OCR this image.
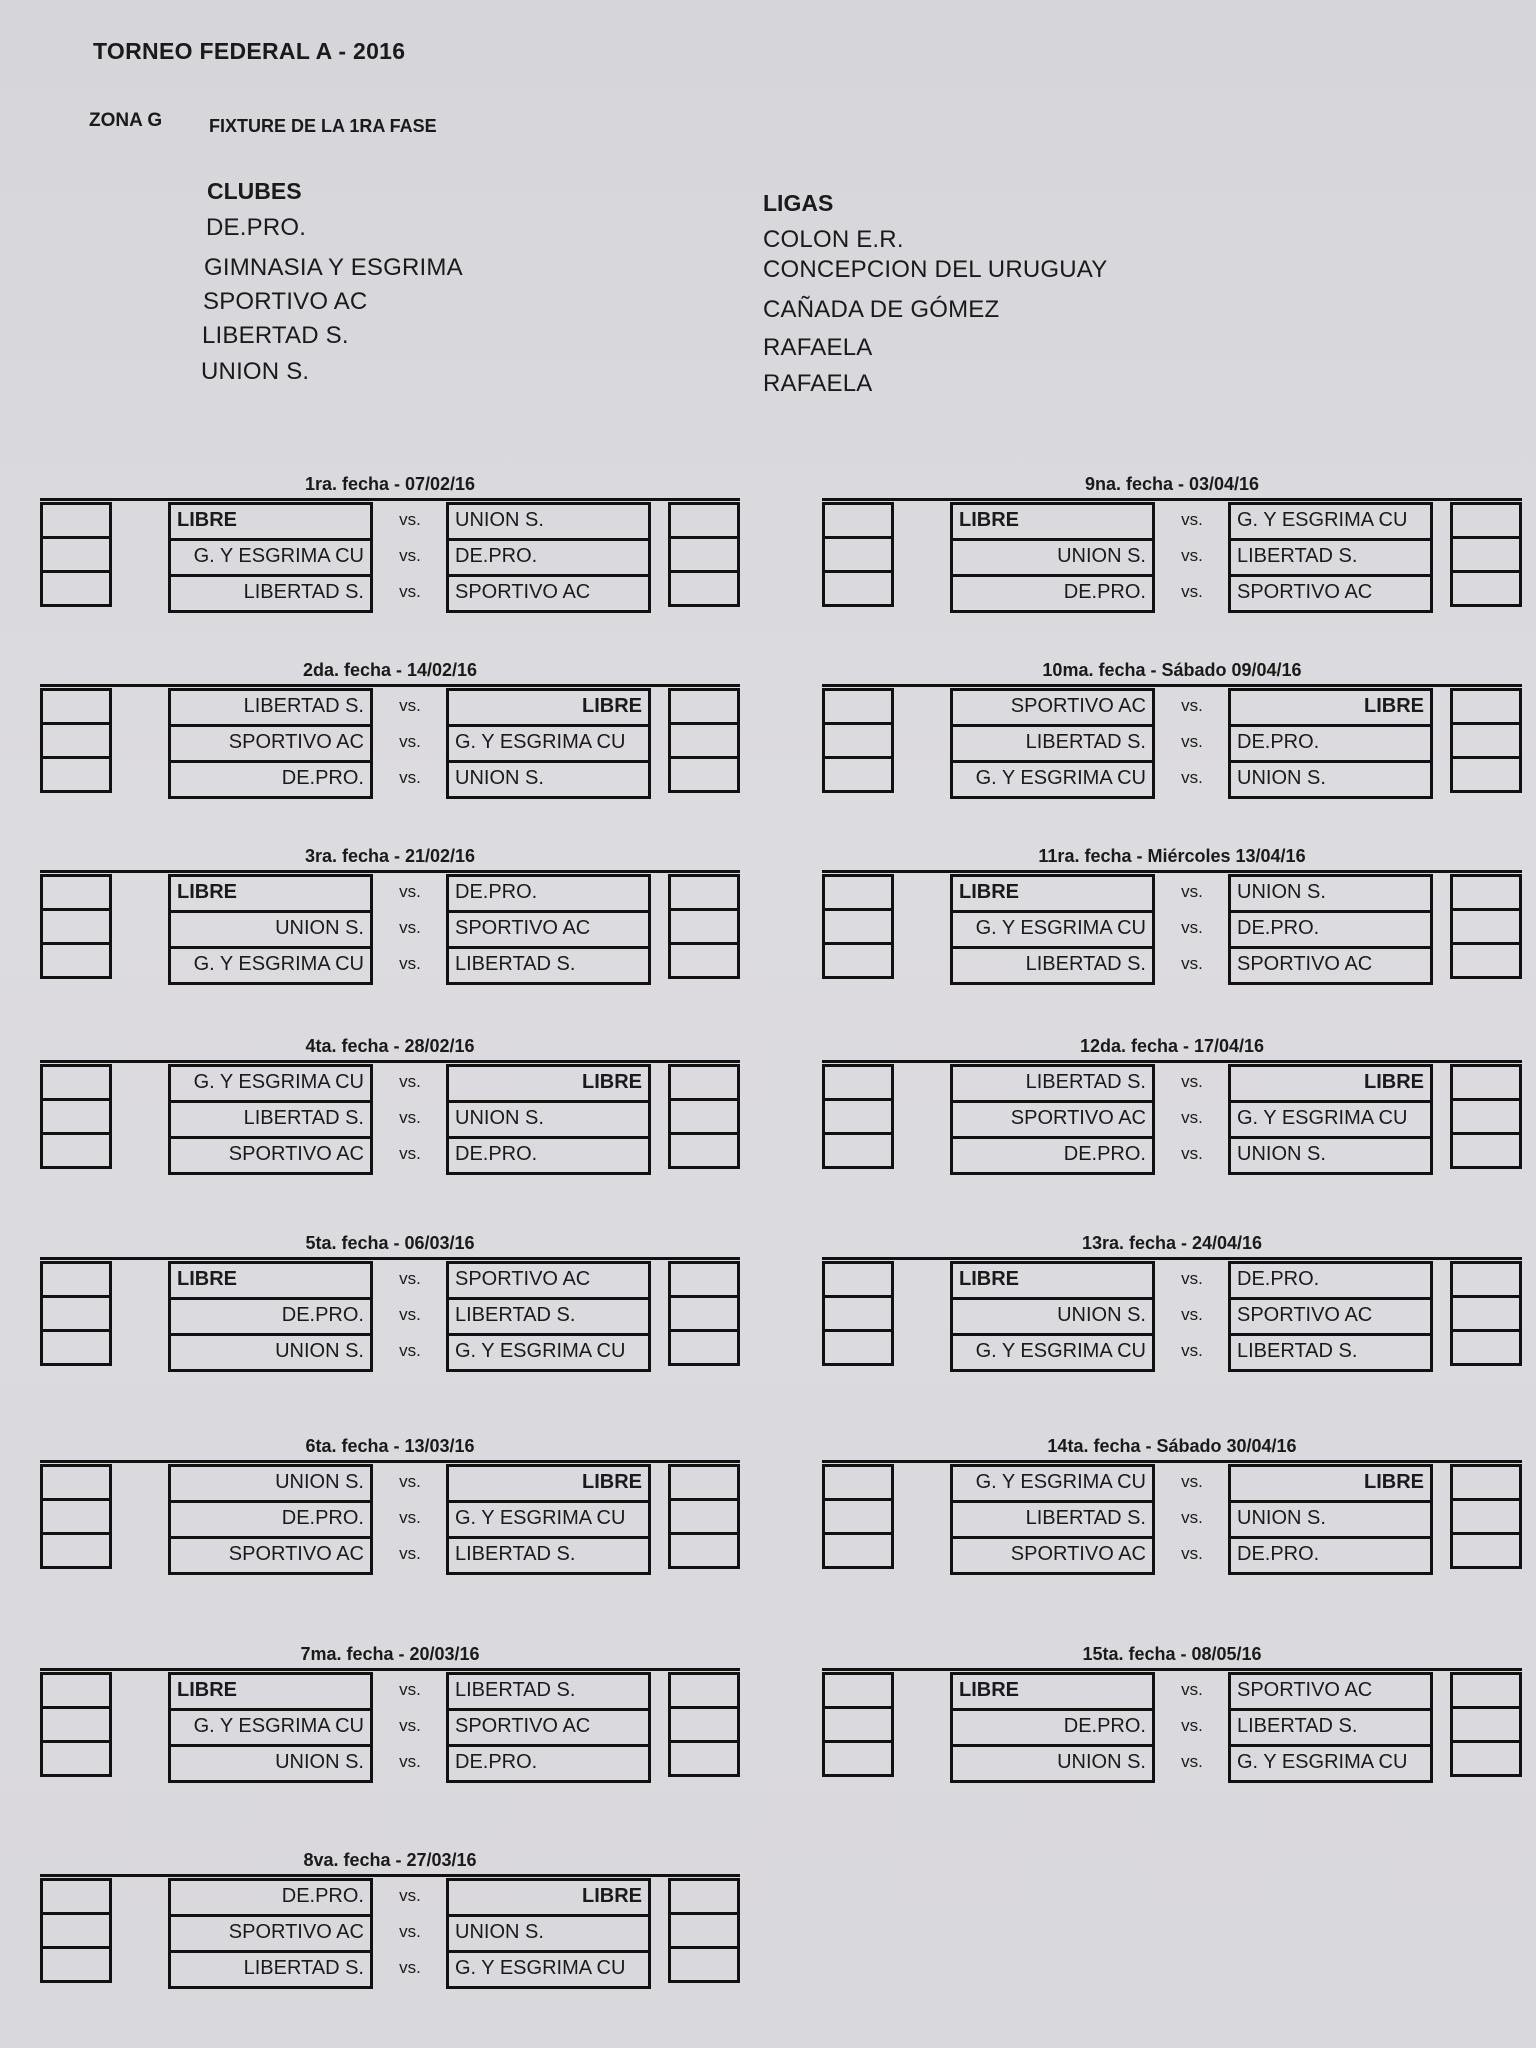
TORNEO FEDERAL A - 2016
ZONA G	FIXTURE DE LA 1RA FASE
CLUBES
DE.PRO.
GIMNASIA Y ESGRIMA
SPORTIVO AC
LIBERTAD S.
UNION S.
LIGAS
COLON E.R.
CONCEPCION DEL URUGUAY
CAÑADA DE GÓMEZ
RAFAELA
RAFAELA
1ra. fecha - 07/02/16
LIBRE
G. Y ESGRIMA CU
LIBERTAD S.
vs.
vs.
vs.
UNION S.
DE.PRO.
SPORTIVO AC
2da. fecha - 14/02/16
LIBERTAD S.
SPORTIVO AC
DE.PRO.
vs.
vs.
vs.
LIBRE
G. Y ESGRIMA CU
UNION S.
3ra. fecha - 21/02/16
LIBRE
UNION S.
G. Y ESGRIMA CU
vs.
vs.
vs.
DE.PRO.
SPORTIVO AC
LIBERTAD S.
4ta. fecha - 28/02/16
G. Y ESGRIMA CU
LIBERTAD S.
SPORTIVO AC
vs.
vs.
vs.
LIBRE
UNION S.
DE.PRO.
5ta. fecha - 06/03/16
LIBRE
DE.PRO.
UNION S.
vs.
vs.
vs.
SPORTIVO AC
LIBERTAD S.
G. Y ESGRIMA CU
6ta. fecha - 13/03/16
UNION S.
DE.PRO.
SPORTIVO AC
vs.
vs.
vs.
LIBRE
G. Y ESGRIMA CU
LIBERTAD S.
7ma. fecha - 20/03/16
LIBRE
G. Y ESGRIMA CU
UNION S.
vs.
vs.
vs.
LIBERTAD S.
SPORTIVO AC
DE.PRO.
8va. fecha - 27/03/16
DE.PRO.
SPORTIVO AC
LIBERTAD S.
vs.
vs.
vs.
LIBRE
UNION S.
G. Y ESGRIMA CU
9na. fecha - 03/04/16
LIBRE
UNION S.
DE.PRO.
vs.
vs.
vs.
G. Y ESGRIMA CU
LIBERTAD S.
SPORTIVO AC
10ma. fecha - Sábado 09/04/16
SPORTIVO AC
LIBERTAD S.
G. Y ESGRIMA CU
vs.
vs.
vs.
LIBRE
DE.PRO.
UNION S.
11ra. fecha - Miércoles 13/04/16
LIBRE
G. Y ESGRIMA CU
LIBERTAD S.
vs.
vs.
vs.
UNION S.
DE.PRO.
SPORTIVO AC
12da. fecha - 17/04/16
LIBERTAD S.
SPORTIVO AC
DE.PRO.
vs.
vs.
vs.
LIBRE
G. Y ESGRIMA CU
UNION S.
13ra. fecha - 24/04/16
LIBRE
UNION S.
G. Y ESGRIMA CU
vs.
vs.
vs.
DE.PRO.
SPORTIVO AC
LIBERTAD S.
14ta. fecha - Sábado 30/04/16
G. Y ESGRIMA CU
LIBERTAD S.
SPORTIVO AC
vs.
vs.
vs.
LIBRE
UNION S.
DE.PRO.
15ta. fecha - 08/05/16
LIBRE
DE.PRO.
UNION S.
vs.
vs.
vs.
SPORTIVO AC
LIBERTAD S.
G. Y ESGRIMA CU
